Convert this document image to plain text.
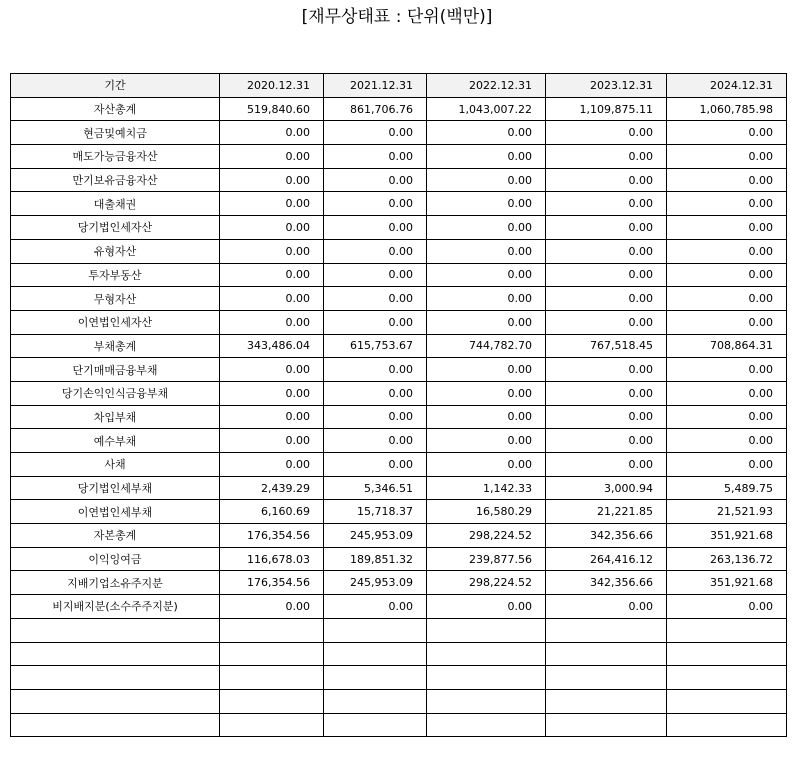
[재무상태표 : 단위(백만)]
기간	2020.12.31	2021.12.31	2022.12.31	2023.12.31	2024.12.31
자산총계	519,840.60	861,706.76	1,043,007.22	1,109,875.11	1,060,785.98
현금및예치금	0.00	0.00	0.00	0.00	0.00
매도가능금융자산	0.00	0.00	0.00	0.00	0.00
만기보유금융자산	0.00	0.00	0.00	0.00	0.00
대출채권	0.00	0.00	0.00	0.00	0.00
당기법인세자산	0.00	0.00	0.00	0.00	0.00
유형자산	0.00	0.00	0.00	0.00	0.00
투자부동산	0.00	0.00	0.00	0.00	0.00
무형자산	0.00	0.00	0.00	0.00	0.00
이연법인세자산	0.00	0.00	0.00	0.00	0.00
부채총계	343,486.04	615,753.67	744,782.70	767,518.45	708,864.31
단기매매금융부채	0.00	0.00	0.00	0.00	0.00
당기손익인식금융부채	0.00	0.00	0.00	0.00	0.00
차입부채	0.00	0.00	0.00	0.00	0.00
예수부채	0.00	0.00	0.00	0.00	0.00
사채	0.00	0.00	0.00	0.00	0.00
당기법인세부채	2,439.29	5,346.51	1,142.33	3,000.94	5,489.75
이연법인세부채	6,160.69	15,718.37	16,580.29	21,221.85	21,521.93
자본총계	176,354.56	245,953.09	298,224.52	342,356.66	351,921.68
이익잉여금	116,678.03	189,851.32	239,877.56	264,416.12	263,136.72
지배기업소유주지분	176,354.56	245,953.09	298,224.52	342,356.66	351,921.68
비지배지분(소수주주지분)	0.00	0.00	0.00	0.00	0.00
